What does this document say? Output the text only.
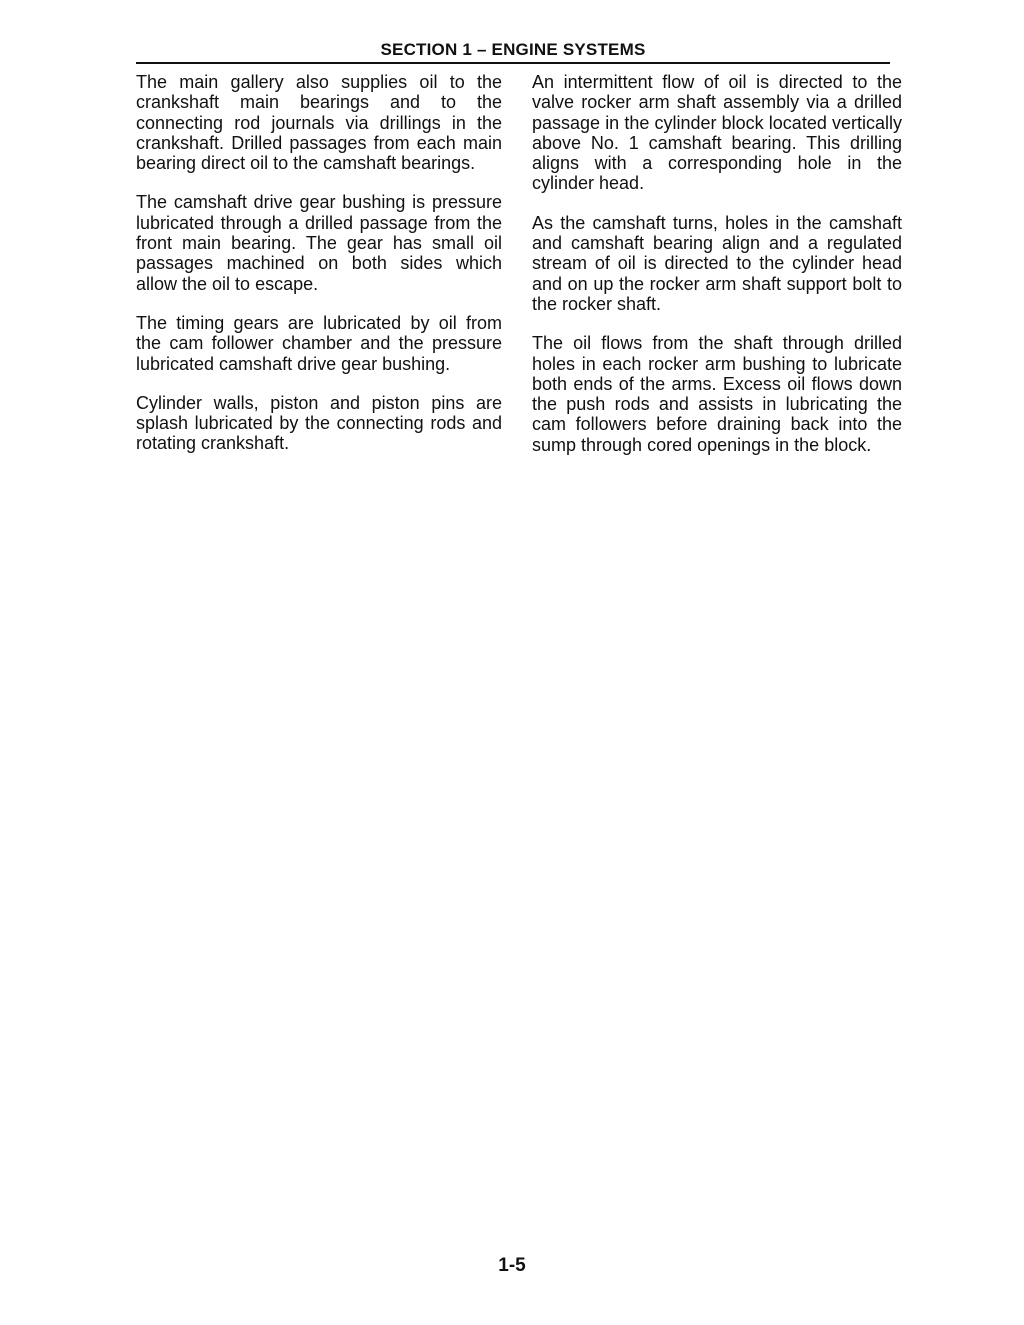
SECTION 1 – ENGINE SYSTEMS

The main gallery also supplies oil to the crankshaft main bearings and to the connecting rod journals via drillings in the crankshaft. Drilled passages from each main bearing direct oil to the camshaft bearings.

The camshaft drive gear bushing is pressure lubricated through a drilled passage from the front main bearing. The gear has small oil passages machined on both sides which allow the oil to escape.

The timing gears are lubricated by oil from the cam follower chamber and the pressure lubricated camshaft drive gear bushing.

Cylinder walls, piston and piston pins are splash lubricated by the connecting rods and rotating crankshaft.

An intermittent flow of oil is directed to the valve rocker arm shaft assembly via a drilled passage in the cylinder block located vertically above No. 1 camshaft bearing. This drilling aligns with a corresponding hole in the cylinder head.

As the camshaft turns, holes in the camshaft and camshaft bearing align and a regulated stream of oil is directed to the cylinder head and on up the rocker arm shaft support bolt to the rocker shaft.

The oil flows from the shaft through drilled holes in each rocker arm bushing to lubricate both ends of the arms. Excess oil flows down the push rods and assists in lubricating the cam followers before draining back into the sump through cored openings in the block.

1-5
